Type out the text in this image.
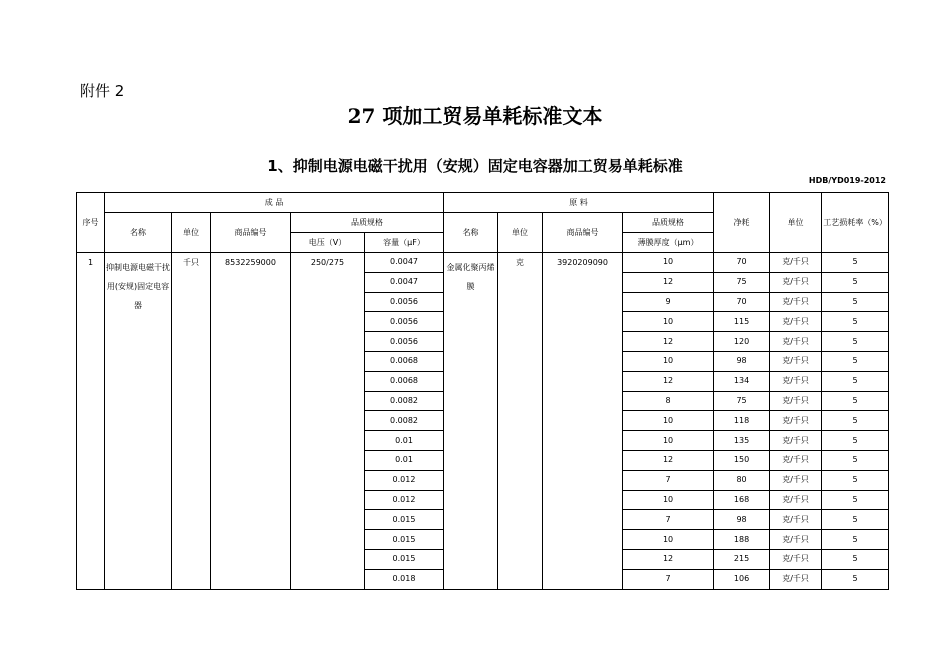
附件 2
27 项加工贸易单耗标准文本
1、抑制电源电磁干扰用（安规）固定电容器加工贸易单耗标准
HDB/YD019-2012
序号	成 品					原 料				净耗	单位	工艺损耗率（%）
	名称	单位	商品编号	品质规格		名称	单位	商品编号	品质规格			
				电压（V）	容量（μF）				薄膜厚度（μm）			
1	抑制电源电磁干扰用(安规)固定电容器	千只	8532259000	250/275	0.0047	金属化聚丙烯膜	克	3920209090	10	70	克/千只	5
					0.0047				12	75	克/千只	5
					0.0056				9	70	克/千只	5
					0.0056				10	115	克/千只	5
					0.0056				12	120	克/千只	5
					0.0068				10	98	克/千只	5
					0.0068				12	134	克/千只	5
					0.0082				8	75	克/千只	5
					0.0082				10	118	克/千只	5
					0.01				10	135	克/千只	5
					0.01				12	150	克/千只	5
					0.012				7	80	克/千只	5
					0.012				10	168	克/千只	5
					0.015				7	98	克/千只	5
					0.015				10	188	克/千只	5
					0.015				12	215	克/千只	5
					0.018				7	106	克/千只	5
